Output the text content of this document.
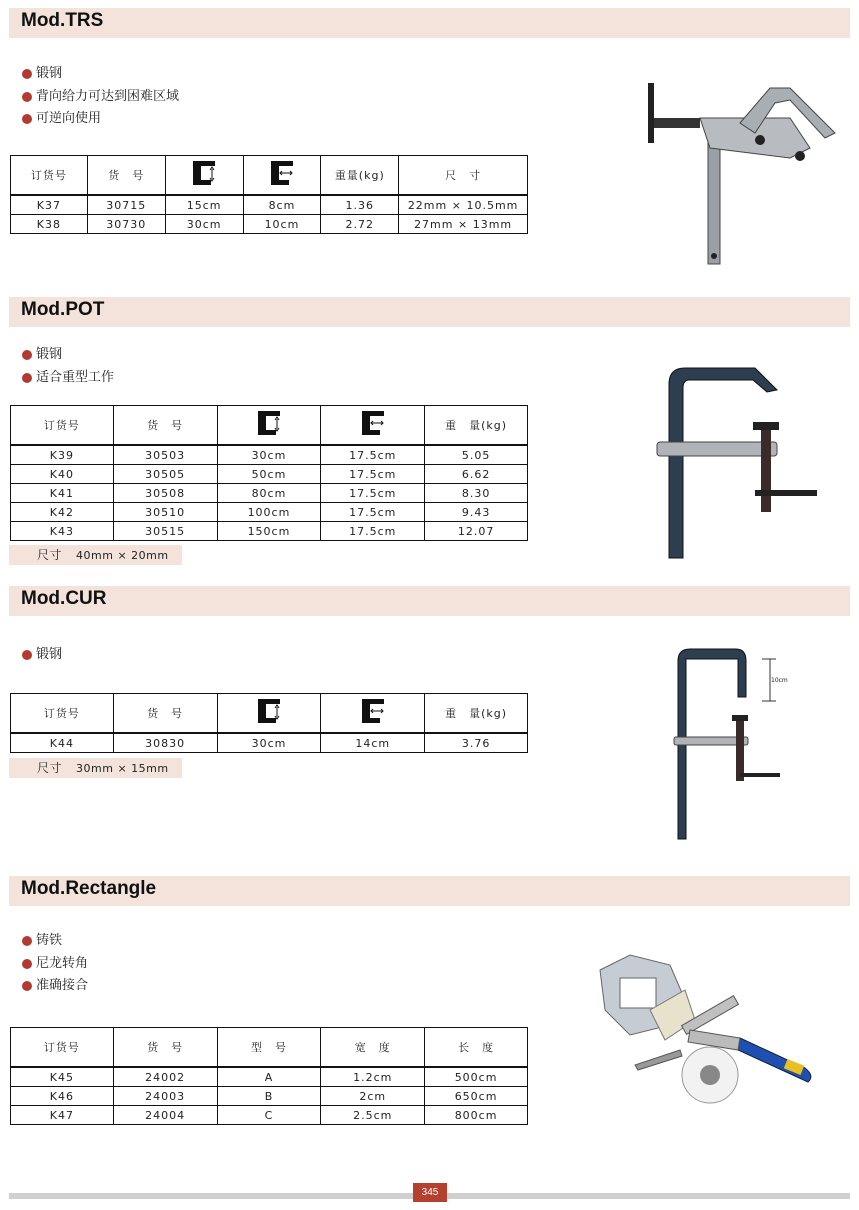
Mod.TRS
锻钢
背向给力可达到困难区域
可逆向使用
订货号	货　号			重量(kg)	尺　寸
K37	30715	15cm	8cm	1.36	22mm × 10.5mm
K38	30730	30cm	10cm	2.72	27mm × 13mm
Mod.POT
锻钢
适合重型工作
订货号	货　号			重　量(kg)
K39	30503	30cm	17.5cm	5.05
K40	30505	50cm	17.5cm	6.62
K41	30508	80cm	17.5cm	8.30
K42	30510	100cm	17.5cm	9.43
K43	30515	150cm	17.5cm	12.07
尺寸 40mm × 20mm
Mod.CUR
锻钢
订货号	货　号			重　量(kg)
K44	30830	30cm	14cm	3.76
尺寸 30mm × 15mm
10cm
Mod.Rectangle
铸铁
尼龙转角
准确接合
订货号	货　号	型　号	宽　度	长　度
K45	24002	A	1.2cm	500cm
K46	24003	B	2cm	650cm
K47	24004	C	2.5cm	800cm
345
